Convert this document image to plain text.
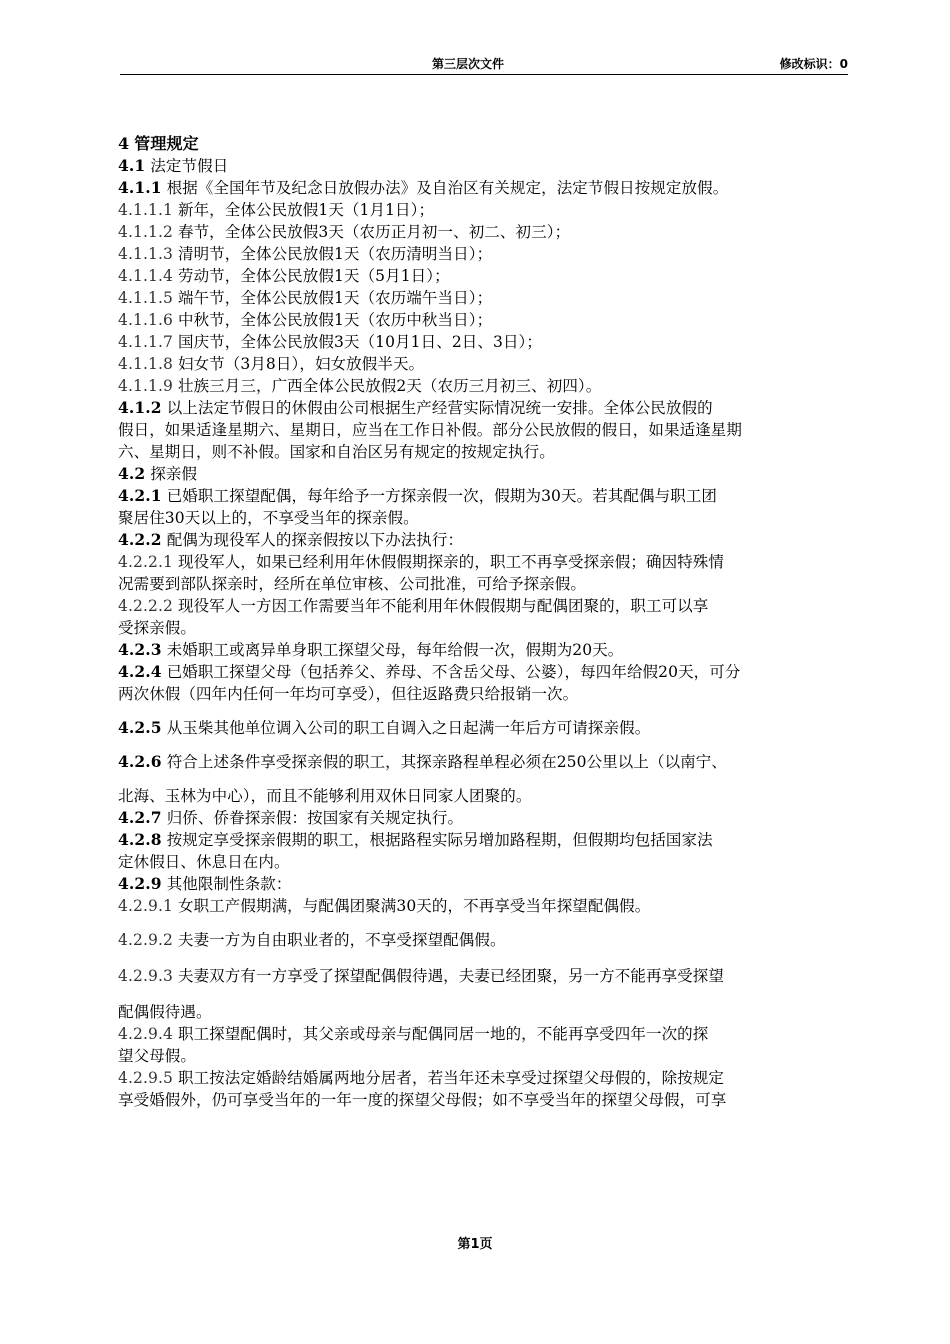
第三层次文件	修改标识：0
4 管理规定
4.1 法定节假日
4.1.1 根据《全国年节及纪念日放假办法》及自治区有关规定，法定节假日按规定放假。
4.1.1.1 新年，全体公民放假1天（1月1日）；
4.1.1.2 春节，全体公民放假3天（农历正月初一、初二、初三）；
4.1.1.3 清明节，全体公民放假1天（农历清明当日）；
4.1.1.4 劳动节，全体公民放假1天（5月1日）；
4.1.1.5 端午节，全体公民放假1天（农历端午当日）；
4.1.1.6 中秋节，全体公民放假1天（农历中秋当日）；
4.1.1.7 国庆节，全体公民放假3天（10月1日、2日、3日）；
4.1.1.8 妇女节（3月8日），妇女放假半天。
4.1.1.9 壮族三月三，广西全体公民放假2天（农历三月初三、初四）。
4.1.2 以上法定节假日的休假由公司根据生产经营实际情况统一安排。全体公民放假的
假日，如果适逢星期六、星期日，应当在工作日补假。部分公民放假的假日，如果适逢星期
六、星期日，则不补假。国家和自治区另有规定的按规定执行。
4.2 探亲假
4.2.1 已婚职工探望配偶，每年给予一方探亲假一次，假期为30天。若其配偶与职工团
聚居住30天以上的，不享受当年的探亲假。
4.2.2 配偶为现役军人的探亲假按以下办法执行：
4.2.2.1 现役军人，如果已经利用年休假假期探亲的，职工不再享受探亲假；确因特殊情
况需要到部队探亲时，经所在单位审核、公司批准，可给予探亲假。
4.2.2.2 现役军人一方因工作需要当年不能利用年休假假期与配偶团聚的，职工可以享
受探亲假。
4.2.3 未婚职工或离异单身职工探望父母，每年给假一次，假期为20天。
4.2.4 已婚职工探望父母（包括养父、养母、不含岳父母、公婆），每四年给假20天，可分
两次休假（四年内任何一年均可享受），但往返路费只给报销一次。
4.2.5 从玉柴其他单位调入公司的职工自调入之日起满一年后方可请探亲假。
4.2.6 符合上述条件享受探亲假的职工，其探亲路程单程必须在250公里以上（以南宁、
北海、玉林为中心），而且不能够利用双休日同家人团聚的。
4.2.7 归侨、侨眷探亲假：按国家有关规定执行。
4.2.8 按规定享受探亲假期的职工，根据路程实际另增加路程期，但假期均包括国家法
定休假日、休息日在内。
4.2.9 其他限制性条款：
4.2.9.1 女职工产假期满，与配偶团聚满30天的，不再享受当年探望配偶假。
4.2.9.2 夫妻一方为自由职业者的，不享受探望配偶假。
4.2.9.3 夫妻双方有一方享受了探望配偶假待遇，夫妻已经团聚，另一方不能再享受探望
配偶假待遇。
4.2.9.4 职工探望配偶时，其父亲或母亲与配偶同居一地的，不能再享受四年一次的探
望父母假。
4.2.9.5 职工按法定婚龄结婚属两地分居者，若当年还未享受过探望父母假的，除按规定
享受婚假外，仍可享受当年的一年一度的探望父母假；如不享受当年的探望父母假，可享
第1页
